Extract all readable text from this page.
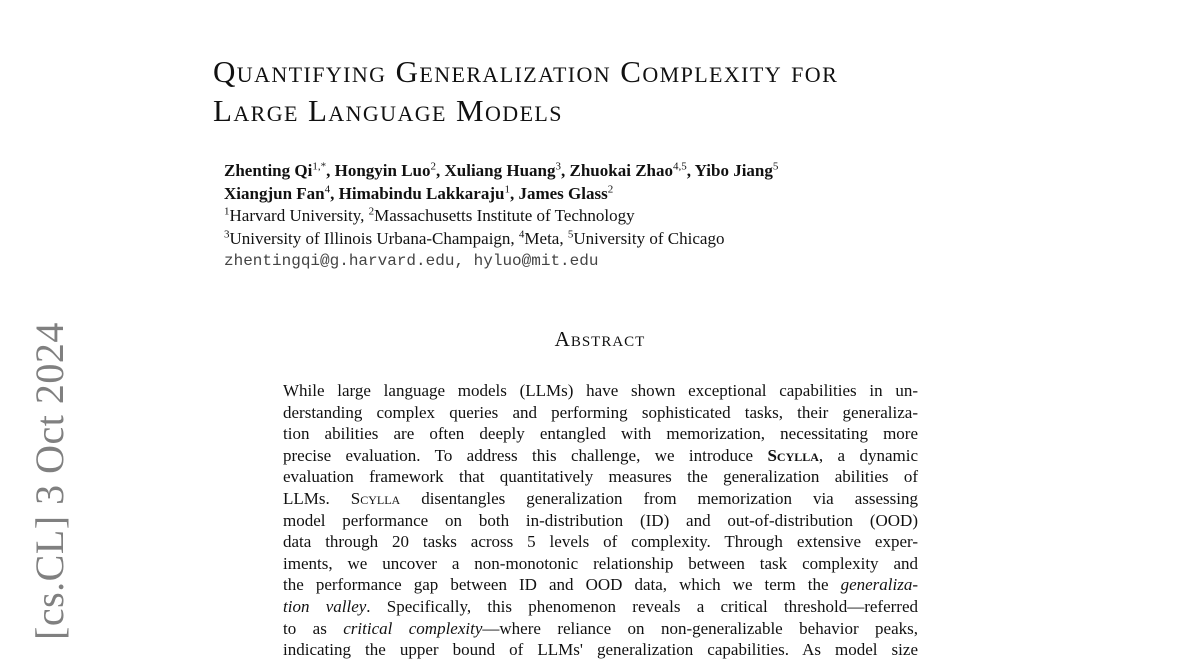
[cs.CL] 3 Oct 2024
Quantifying Generalization Complexity for
Large Language Models
Zhenting $Qi^{1,*}$, Hongyin Luo$^2$, Xuliang Huang$^3$, Zhuokai Zhao$^{4,5}$, Yibo Jiang$^5$
Xiangjun Fan$^4$, Himabindu Lakkaraju$^1$, James Glass$^2$
$^1$Harvard University, $^2$Massachusetts Institute of Technology
$^3$University of Illinois Urbana-Champaign, $^4$Meta, $^5$University of Chicago
zhentingqi@g.harvard.edu, hyluo@mit.edu
Abstract
While large language models (LLMs) have shown exceptional capabilities in un-
derstanding complex queries and performing sophisticated tasks, their generaliza-
tion abilities are often deeply entangled with memorization, necessitating more
precise evaluation. To address this challenge, we introduce Scylla, a dynamic
evaluation framework that quantitatively measures the generalization abilities of
LLMs. Scylla disentangles generalization from memorization via assessing
model performance on both in-distribution (ID) and out-of-distribution (OOD)
data through 20 tasks across 5 levels of complexity. Through extensive exper-
iments, we uncover a non-monotonic relationship between task complexity and
the performance gap between ID and OOD data, which we term the generaliza-
tion valley. Specifically, this phenomenon reveals a critical threshold—referred
to as critical complexity—where reliance on non-generalizable behavior peaks,
indicating the upper bound of LLMs' generalization capabilities. As model size
